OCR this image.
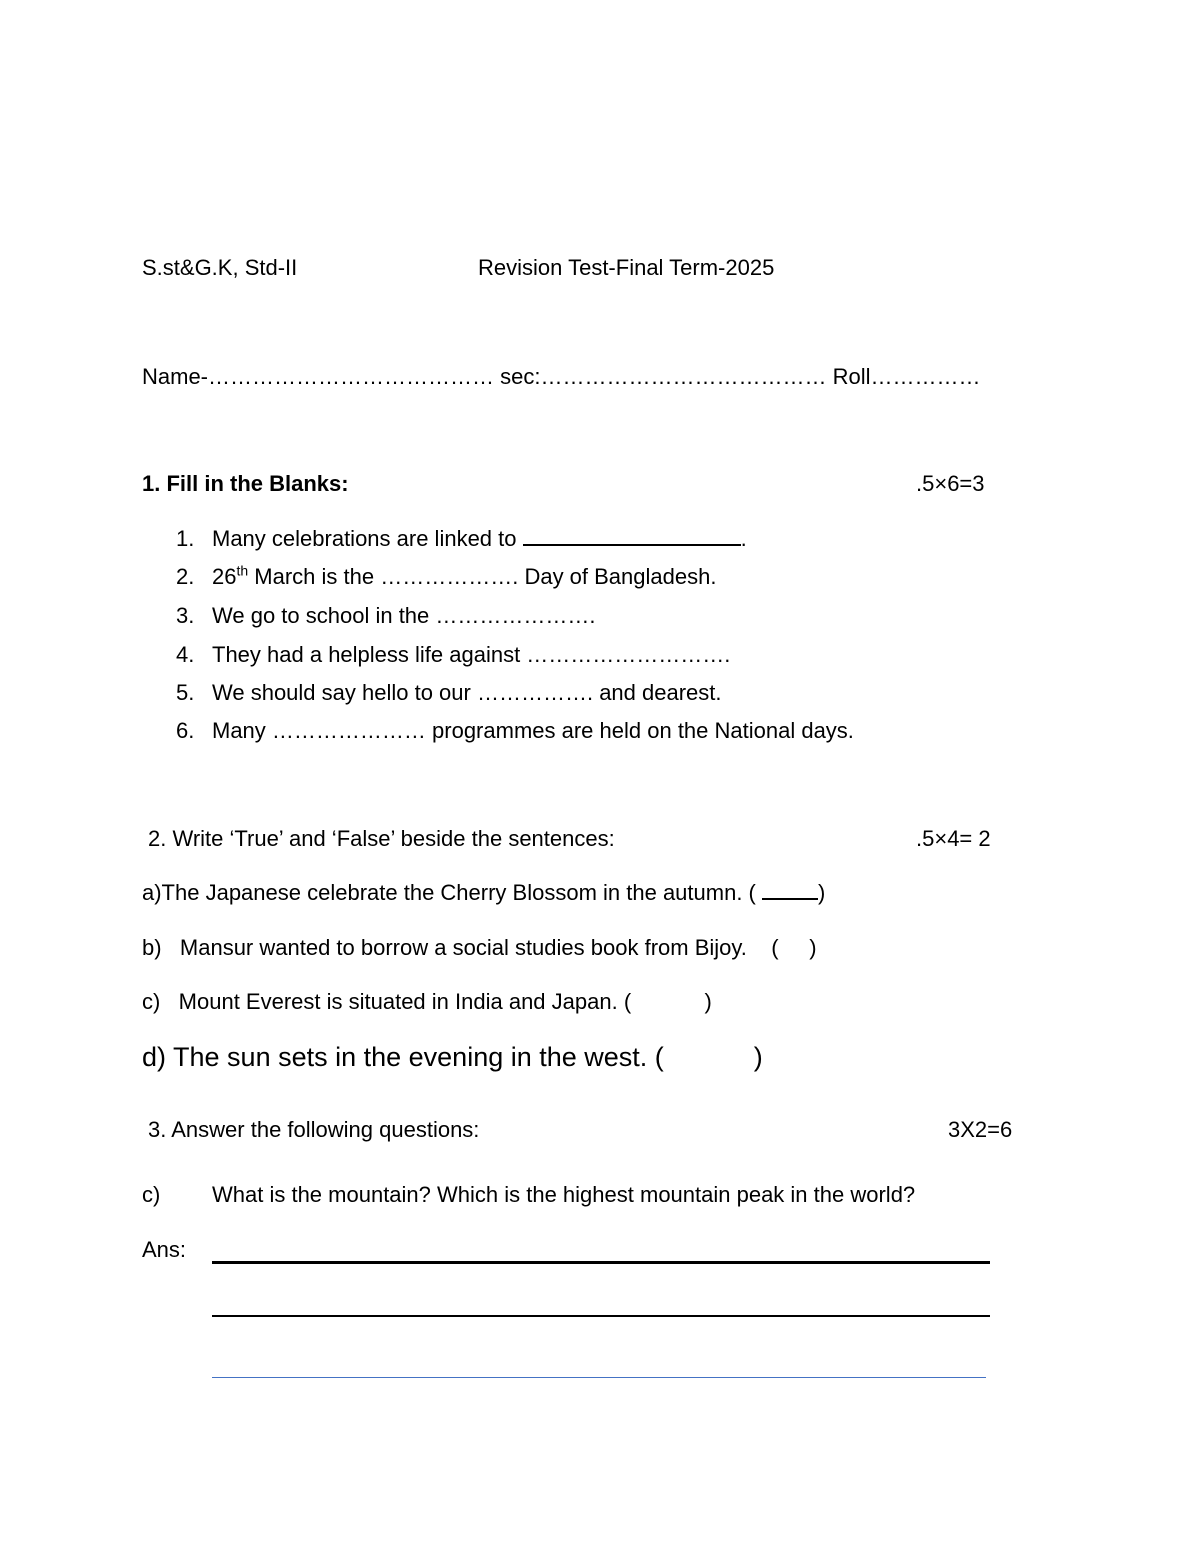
S.st&G.K, Std-II	Revision Test-Final Term-2025
Name-………………………………… sec:………………………………… Roll……………
1. Fill in the Blanks:	.5×6=3
1. Many celebrations are linked to	.
2. 26th March is the ………………. Day of Bangladesh.
3. We go to school in the ………………….
4. They had a helpless life against ……………………….
5. We should say hello to our ……………. and dearest.
6. Many ………………… programmes are held on the National days.
2. Write ‘True’ and ‘False’ beside the sentences:	.5×4= 2
a)The Japanese celebrate the Cherry Blossom in the autumn. (	)
b)   Mansur wanted to borrow a social studies book from Bijoy.    (     )
c)   Mount Everest is situated in India and Japan. (            )
d) The sun sets in the evening in the west. (            )
3. Answer the following questions:	3X2=6
c) What is the mountain? Which is the highest mountain peak in the world?
Ans:
